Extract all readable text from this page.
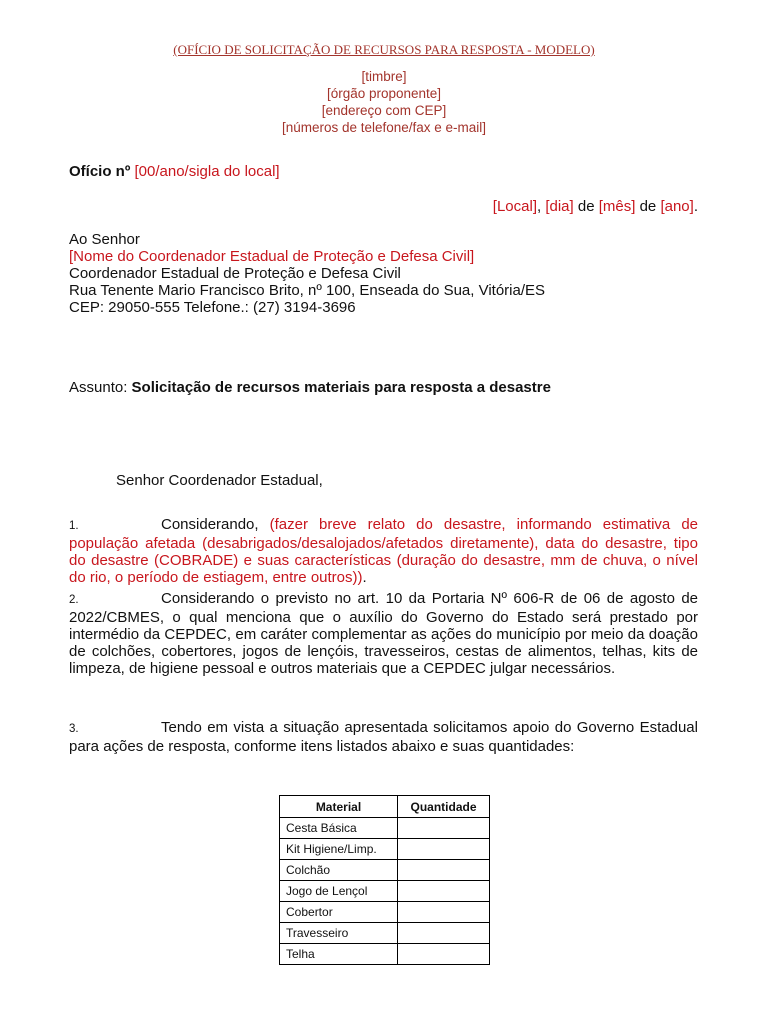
(OFÍCIO DE SOLICITAÇÃO DE RECURSOS PARA RESPOSTA - MODELO)
[timbre]
[órgão proponente]
[endereço com CEP]
[números de telefone/fax e e-mail]
Ofício nº [00/ano/sigla do local]
[Local], [dia] de [mês] de [ano].
Ao Senhor
[Nome do Coordenador Estadual de Proteção e Defesa Civil]
Coordenador Estadual de Proteção e Defesa Civil
Rua Tenente Mario Francisco Brito, nº 100, Enseada do Sua, Vitória/ES
CEP: 29050-555 Telefone.: (27) 3194-3696
Assunto: Solicitação de recursos materiais para resposta a desastre
Senhor Coordenador Estadual,

1.	Considerando, (fazer breve relato do desastre, informando estimativa de população afetada (desabrigados/desalojados/afetados diretamente), data do desastre, tipo do desastre (COBRADE) e suas características (duração do desastre, mm de chuva, o nível do rio, o período de estiagem, entre outros)).

2.	Considerando o previsto no art. 10 da Portaria Nº 606-R de 06 de agosto de 2022/CBMES, o qual menciona que o auxílio do Governo do Estado será prestado por intermédio da CEPDEC, em caráter complementar as ações do município por meio da doação de colchões, cobertores, jogos de lençóis, travesseiros, cestas de alimentos, telhas, kits de limpeza, de higiene pessoal e outros materiais que a CEPDEC julgar necessários.

3.	Tendo em vista a situação apresentada solicitamos apoio do Governo Estadual para ações de resposta, conforme itens listados abaixo e suas quantidades:

Material	Quantidade
Cesta Básica	
Kit Higiene/Limp.	
Colchão	
Jogo de Lençol	
Cobertor	
Travesseiro	
Telha	
